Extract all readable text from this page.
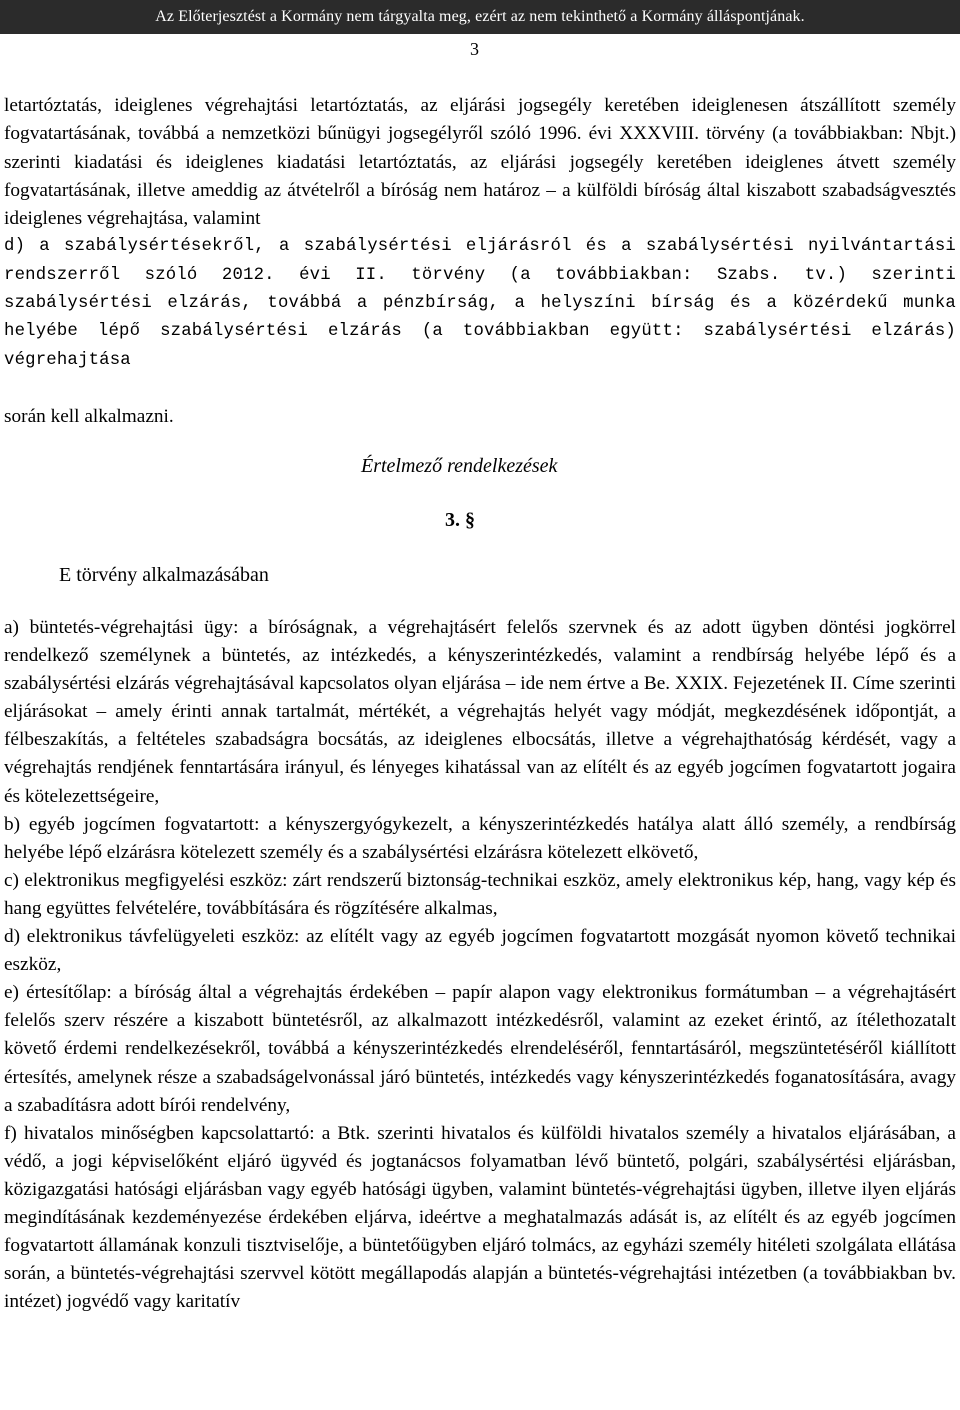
Az Előterjesztést a Kormány nem tárgyalta meg, ezért az nem tekinthető a Kormány álláspontjának.
3

letartóztatás, ideiglenes végrehajtási letartóztatás, az eljárási jogsegély keretében ideiglenesen átszállított személy fogvatartásának, továbbá a nemzetközi bűnügyi jogsegélyről szóló 1996. évi XXXVIII. törvény (a továbbiakban: Nbjt.) szerinti kiadatási és ideiglenes kiadatási letartóztatás, az eljárási jogsegély keretében ideiglenes átvett személy fogvatartásának, illetve ameddig az átvételről a bíróság nem határoz – a külföldi bíróság által kiszabott szabadságvesztés ideiglenes végrehajtása, valamint

d) a szabálysértésekről, a szabálysértési eljárásról és a szabálysértési nyilvántartási rendszerről szóló 2012. évi II. törvény (a továbbiakban: Szabs. tv.) szerinti szabálysértési elzárás, továbbá a pénzbírság, a helyszíni bírság és a közérdekű munka helyébe lépő szabálysértési elzárás (a továbbiakban együtt: szabálysértési elzárás) végrehajtása

során kell alkalmazni.

Értelmező rendelkezések
3. §
E törvény alkalmazásában

a) büntetés-végrehajtási ügy: a bíróságnak, a végrehajtásért felelős szervnek és az adott ügyben döntési jogkörrel rendelkező személynek a büntetés, az intézkedés, a kényszerintézkedés, valamint a rendbírság helyébe lépő és a szabálysértési elzárás végrehajtásával kapcsolatos olyan eljárása – ide nem értve a Be. XXIX. Fejezetének II. Címe szerinti eljárásokat – amely érinti annak tartalmát, mértékét, a végrehajtás helyét vagy módját, megkezdésének időpontját, a félbeszakítás, a feltételes szabadságra bocsátás, az ideiglenes elbocsátás, illetve a végrehajthatóság kérdését, vagy a végrehajtás rendjének fenntartására irányul, és lényeges kihatással van az elítélt és az egyéb jogcímen fogvatartott jogaira és kötelezettségeire,

b) egyéb jogcímen fogvatartott: a kényszergyógykezelt, a kényszerintézkedés hatálya alatt álló személy, a rendbírság helyébe lépő elzárásra kötelezett személy és a szabálysértési elzárásra kötelezett elkövető,

c) elektronikus megfigyelési eszköz: zárt rendszerű biztonság-technikai eszköz, amely elektronikus kép, hang, vagy kép és hang együttes felvételére, továbbítására és rögzítésére alkalmas,

d) elektronikus távfelügyeleti eszköz: az elítélt vagy az egyéb jogcímen fogvatartott mozgását nyomon követő technikai eszköz,

e) értesítőlap: a bíróság által a végrehajtás érdekében – papír alapon vagy elektronikus formátumban – a végrehajtásért felelős szerv részére a kiszabott büntetésről, az alkalmazott intézkedésről, valamint az ezeket érintő, az ítélethozatalt követő érdemi rendelkezésekről, továbbá a kényszerintézkedés elrendeléséről, fenntartásáról, megszüntetéséről kiállított értesítés, amelynek része a szabadságelvonással járó büntetés, intézkedés vagy kényszerintézkedés foganatosítására, avagy a szabadításra adott bírói rendelvény,

f) hivatalos minőségben kapcsolattartó: a Btk. szerinti hivatalos és külföldi hivatalos személy a hivatalos eljárásában, a védő, a jogi képviselőként eljáró ügyvéd és jogtanácsos folyamatban lévő büntető, polgári, szabálysértési eljárásban, közigazgatási hatósági eljárásban vagy egyéb hatósági ügyben, valamint büntetés-végrehajtási ügyben, illetve ilyen eljárás megindításának kezdeményezése érdekében eljárva, ideértve a meghatalmazás adását is, az elítélt és az egyéb jogcímen fogvatartott államának konzuli tisztviselője, a büntetőügyben eljáró tolmács, az egyházi személy hitéleti szolgálata ellátása során, a büntetés-végrehajtási szervvel kötött megállapodás alapján a büntetés-végrehajtási intézetben (a továbbiakban bv. intézet) jogvédő vagy karitatív
